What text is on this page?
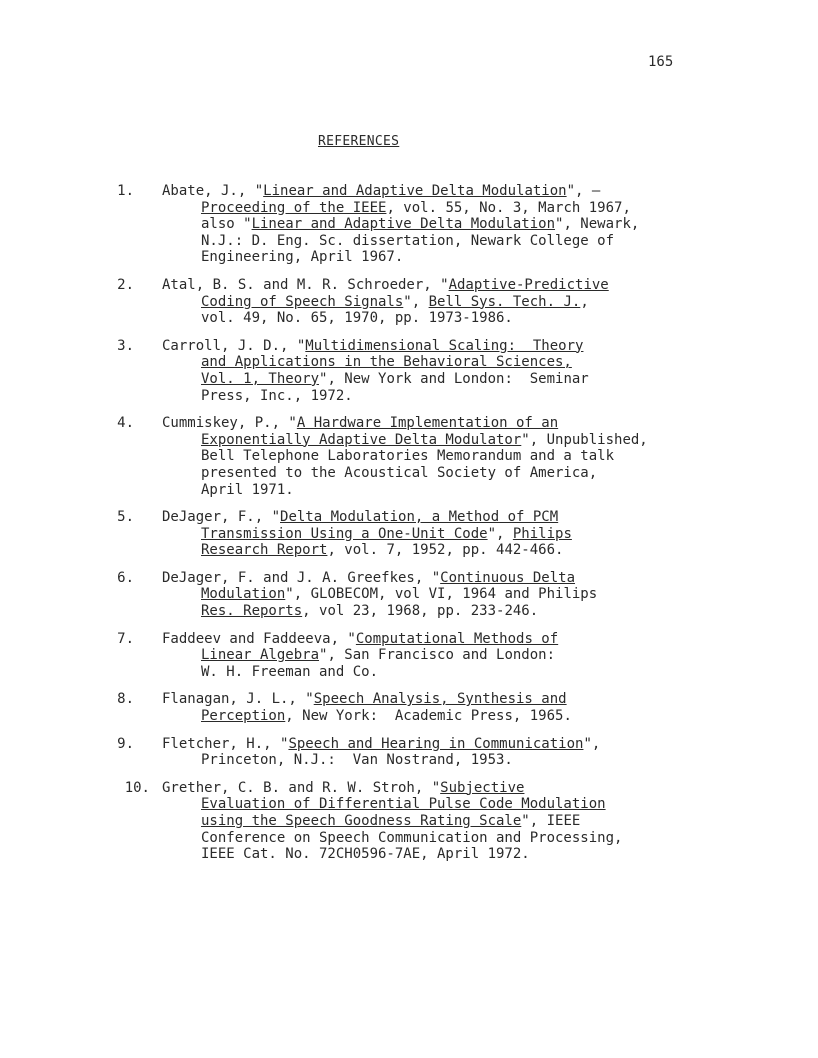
165
REFERENCES
1.	Abate, J., "Linear and Adaptive Delta Modulation", —
Proceeding of the IEEE, vol. 55, No. 3, March 1967,
also "Linear and Adaptive Delta Modulation", Newark,
N.J.: D. Eng. Sc. dissertation, Newark College of
Engineering, April 1967.
2.	Atal, B. S. and M. R. Schroeder, "Adaptive-Predictive
Coding of Speech Signals", Bell Sys. Tech. J.,
vol. 49, No. 65, 1970, pp. 1973-1986.
3.	Carroll, J. D., "Multidimensional Scaling:  Theory
and Applications in the Behavioral Sciences,
Vol. 1, Theory", New York and London:  Seminar
Press, Inc., 1972.
4.	Cummiskey, P., "A Hardware Implementation of an
Exponentially Adaptive Delta Modulator", Unpublished,
Bell Telephone Laboratories Memorandum and a talk
presented to the Acoustical Society of America,
April 1971.
5.	DeJager, F., "Delta Modulation, a Method of PCM
Transmission Using a One-Unit Code", Philips
Research Report, vol. 7, 1952, pp. 442-466.
6.	DeJager, F. and J. A. Greefkes, "Continuous Delta
Modulation", GLOBECOM, vol VI, 1964 and Philips
Res. Reports, vol 23, 1968, pp. 233-246.
7.	Faddeev and Faddeeva, "Computational Methods of
Linear Algebra", San Francisco and London:
W. H. Freeman and Co.
8.	Flanagan, J. L., "Speech Analysis, Synthesis and
Perception, New York:  Academic Press, 1965.
9.	Fletcher, H., "Speech and Hearing in Communication",
Princeton, N.J.:  Van Nostrand, 1953.
10. Grether, C. B. and R. W. Stroh, "Subjective
Evaluation of Differential Pulse Code Modulation
using the Speech Goodness Rating Scale", IEEE
Conference on Speech Communication and Processing,
IEEE Cat. No. 72CH0596-7AE, April 1972.
